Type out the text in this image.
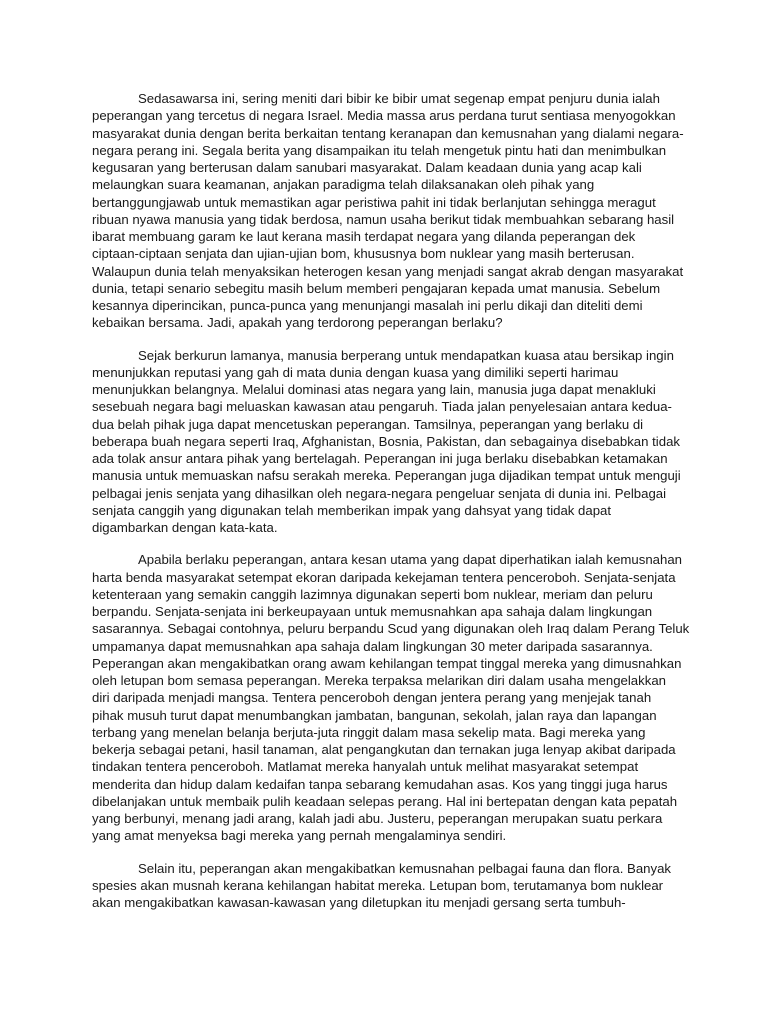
Sedasawarsa ini, sering meniti dari bibir ke bibir umat segenap empat penjuru dunia ialah
peperangan yang tercetus di negara Israel. Media massa arus perdana turut sentiasa menyogokkan
masyarakat dunia dengan berita berkaitan tentang keranapan dan kemusnahan yang dialami negara-
negara perang ini. Segala berita yang disampaikan itu telah mengetuk pintu hati dan menimbulkan
kegusaran yang berterusan dalam sanubari masyarakat. Dalam keadaan dunia yang acap kali
melaungkan suara keamanan, anjakan paradigma telah dilaksanakan oleh pihak yang
bertanggungjawab untuk memastikan agar peristiwa pahit ini tidak berlanjutan sehingga meragut
ribuan nyawa manusia yang tidak berdosa, namun usaha berikut tidak membuahkan sebarang hasil
ibarat membuang garam ke laut kerana masih terdapat negara yang dilanda peperangan dek
ciptaan-ciptaan senjata dan ujian-ujian bom, khususnya bom nuklear yang masih berterusan.
Walaupun dunia telah menyaksikan heterogen kesan yang menjadi sangat akrab dengan masyarakat
dunia, tetapi senario sebegitu masih belum memberi pengajaran kepada umat manusia. Sebelum
kesannya diperincikan, punca-punca yang menunjangi masalah ini perlu dikaji dan diteliti demi
kebaikan bersama. Jadi, apakah yang terdorong peperangan berlaku?
Sejak berkurun lamanya, manusia berperang untuk mendapatkan kuasa atau bersikap ingin
menunjukkan reputasi yang gah di mata dunia dengan kuasa yang dimiliki seperti harimau
menunjukkan belangnya. Melalui dominasi atas negara yang lain, manusia juga dapat menakluki
sesebuah negara bagi meluaskan kawasan atau pengaruh. Tiada jalan penyelesaian antara kedua-
dua belah pihak juga dapat mencetuskan peperangan. Tamsilnya, peperangan yang berlaku di
beberapa buah negara seperti Iraq, Afghanistan, Bosnia, Pakistan, dan sebagainya disebabkan tidak
ada tolak ansur antara pihak yang bertelagah. Peperangan ini juga berlaku disebabkan ketamakan
manusia untuk memuaskan nafsu serakah mereka. Peperangan juga dijadikan tempat untuk menguji
pelbagai jenis senjata yang dihasilkan oleh negara-negara pengeluar senjata di dunia ini. Pelbagai
senjata canggih yang digunakan telah memberikan impak yang dahsyat yang tidak dapat
digambarkan dengan kata-kata.
Apabila berlaku peperangan, antara kesan utama yang dapat diperhatikan ialah kemusnahan
harta benda masyarakat setempat ekoran daripada kekejaman tentera penceroboh. Senjata-senjata
ketenteraan yang semakin canggih lazimnya digunakan seperti bom nuklear, meriam dan peluru
berpandu. Senjata-senjata ini berkeupayaan untuk memusnahkan apa sahaja dalam lingkungan
sasarannya. Sebagai contohnya, peluru berpandu Scud yang digunakan oleh Iraq dalam Perang Teluk
umpamanya dapat memusnahkan apa sahaja dalam lingkungan 30 meter daripada sasarannya.
Peperangan akan mengakibatkan orang awam kehilangan tempat tinggal mereka yang dimusnahkan
oleh letupan bom semasa peperangan. Mereka terpaksa melarikan diri dalam usaha mengelakkan
diri daripada menjadi mangsa. Tentera penceroboh dengan jentera perang yang menjejak tanah
pihak musuh turut dapat menumbangkan jambatan, bangunan, sekolah, jalan raya dan lapangan
terbang yang menelan belanja berjuta-juta ringgit dalam masa sekelip mata. Bagi mereka yang
bekerja sebagai petani, hasil tanaman, alat pengangkutan dan ternakan juga lenyap akibat daripada
tindakan tentera penceroboh. Matlamat mereka hanyalah untuk melihat masyarakat setempat
menderita dan hidup dalam kedaifan tanpa sebarang kemudahan asas. Kos yang tinggi juga harus
dibelanjakan untuk membaik pulih keadaan selepas perang. Hal ini bertepatan dengan kata pepatah
yang berbunyi, menang jadi arang, kalah jadi abu. Justeru, peperangan merupakan suatu perkara
yang amat menyeksa bagi mereka yang pernah mengalaminya sendiri.
Selain itu, peperangan akan mengakibatkan kemusnahan pelbagai fauna dan flora. Banyak
spesies akan musnah kerana kehilangan habitat mereka. Letupan bom, terutamanya bom nuklear
akan mengakibatkan kawasan-kawasan yang diletupkan itu menjadi gersang serta tumbuh-
